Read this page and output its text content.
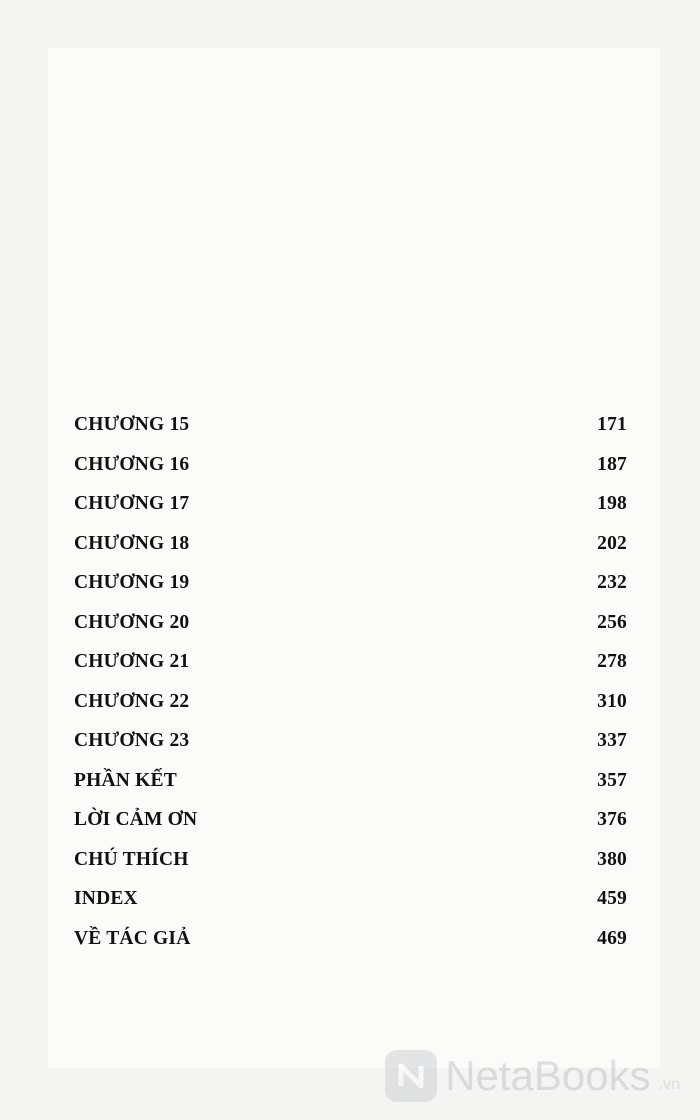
CHƯƠNG 15	171
CHƯƠNG 16	187
CHƯƠNG 17	198
CHƯƠNG 18	202
CHƯƠNG 19	232
CHƯƠNG 20	256
CHƯƠNG 21	278
CHƯƠNG 22	310
CHƯƠNG 23	337
PHẦN KẾT	357
LỜI CẢM ƠN	376
CHÚ THÍCH	380
INDEX	459
VỀ TÁC GIẢ	469
NetaBooks .vn
